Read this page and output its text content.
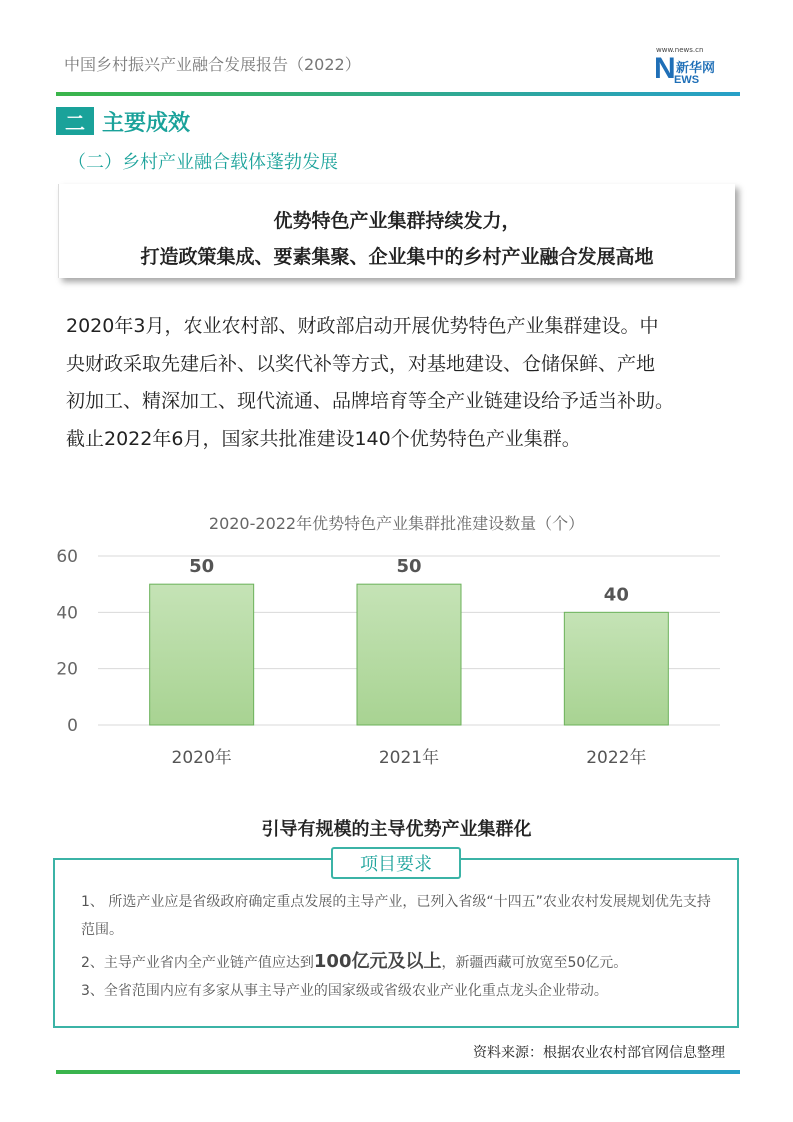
中国乡村振兴产业融合发展报告（2022）
www.news.cn
N 新华网
EWS
二 主要成效
（二）乡村产业融合载体蓬勃发展
优势特色产业集群持续发力，
打造政策集成、要素集聚、企业集中的乡村产业融合发展高地
2020年3月，农业农村部、财政部启动开展优势特色产业集群建设。中
央财政采取先建后补、以奖代补等方式，对基地建设、仓储保鲜、产地
初加工、精深加工、现代流通、品牌培育等全产业链建设给予适当补助。
截止2022年6月，国家共批准建设140个优势特色产业集群。
2020-2022年优势特色产业集群批准建设数量（个）
0
20
40
60	50
2020年
50
2021年
40
2022年
引导有规模的主导优势产业集群化
项目要求
1、 所选产业应是省级政府确定重点发展的主导产业，已列入省级“十四五”农业农村发展规划优先支持范围。
2、主导产业省内全产业链产值应达到100亿元及以上，新疆西藏可放宽至50亿元。
3、全省范围内应有多家从事主导产业的国家级或省级农业产业化重点龙头企业带动。
资料来源：根据农业农村部官网信息整理
